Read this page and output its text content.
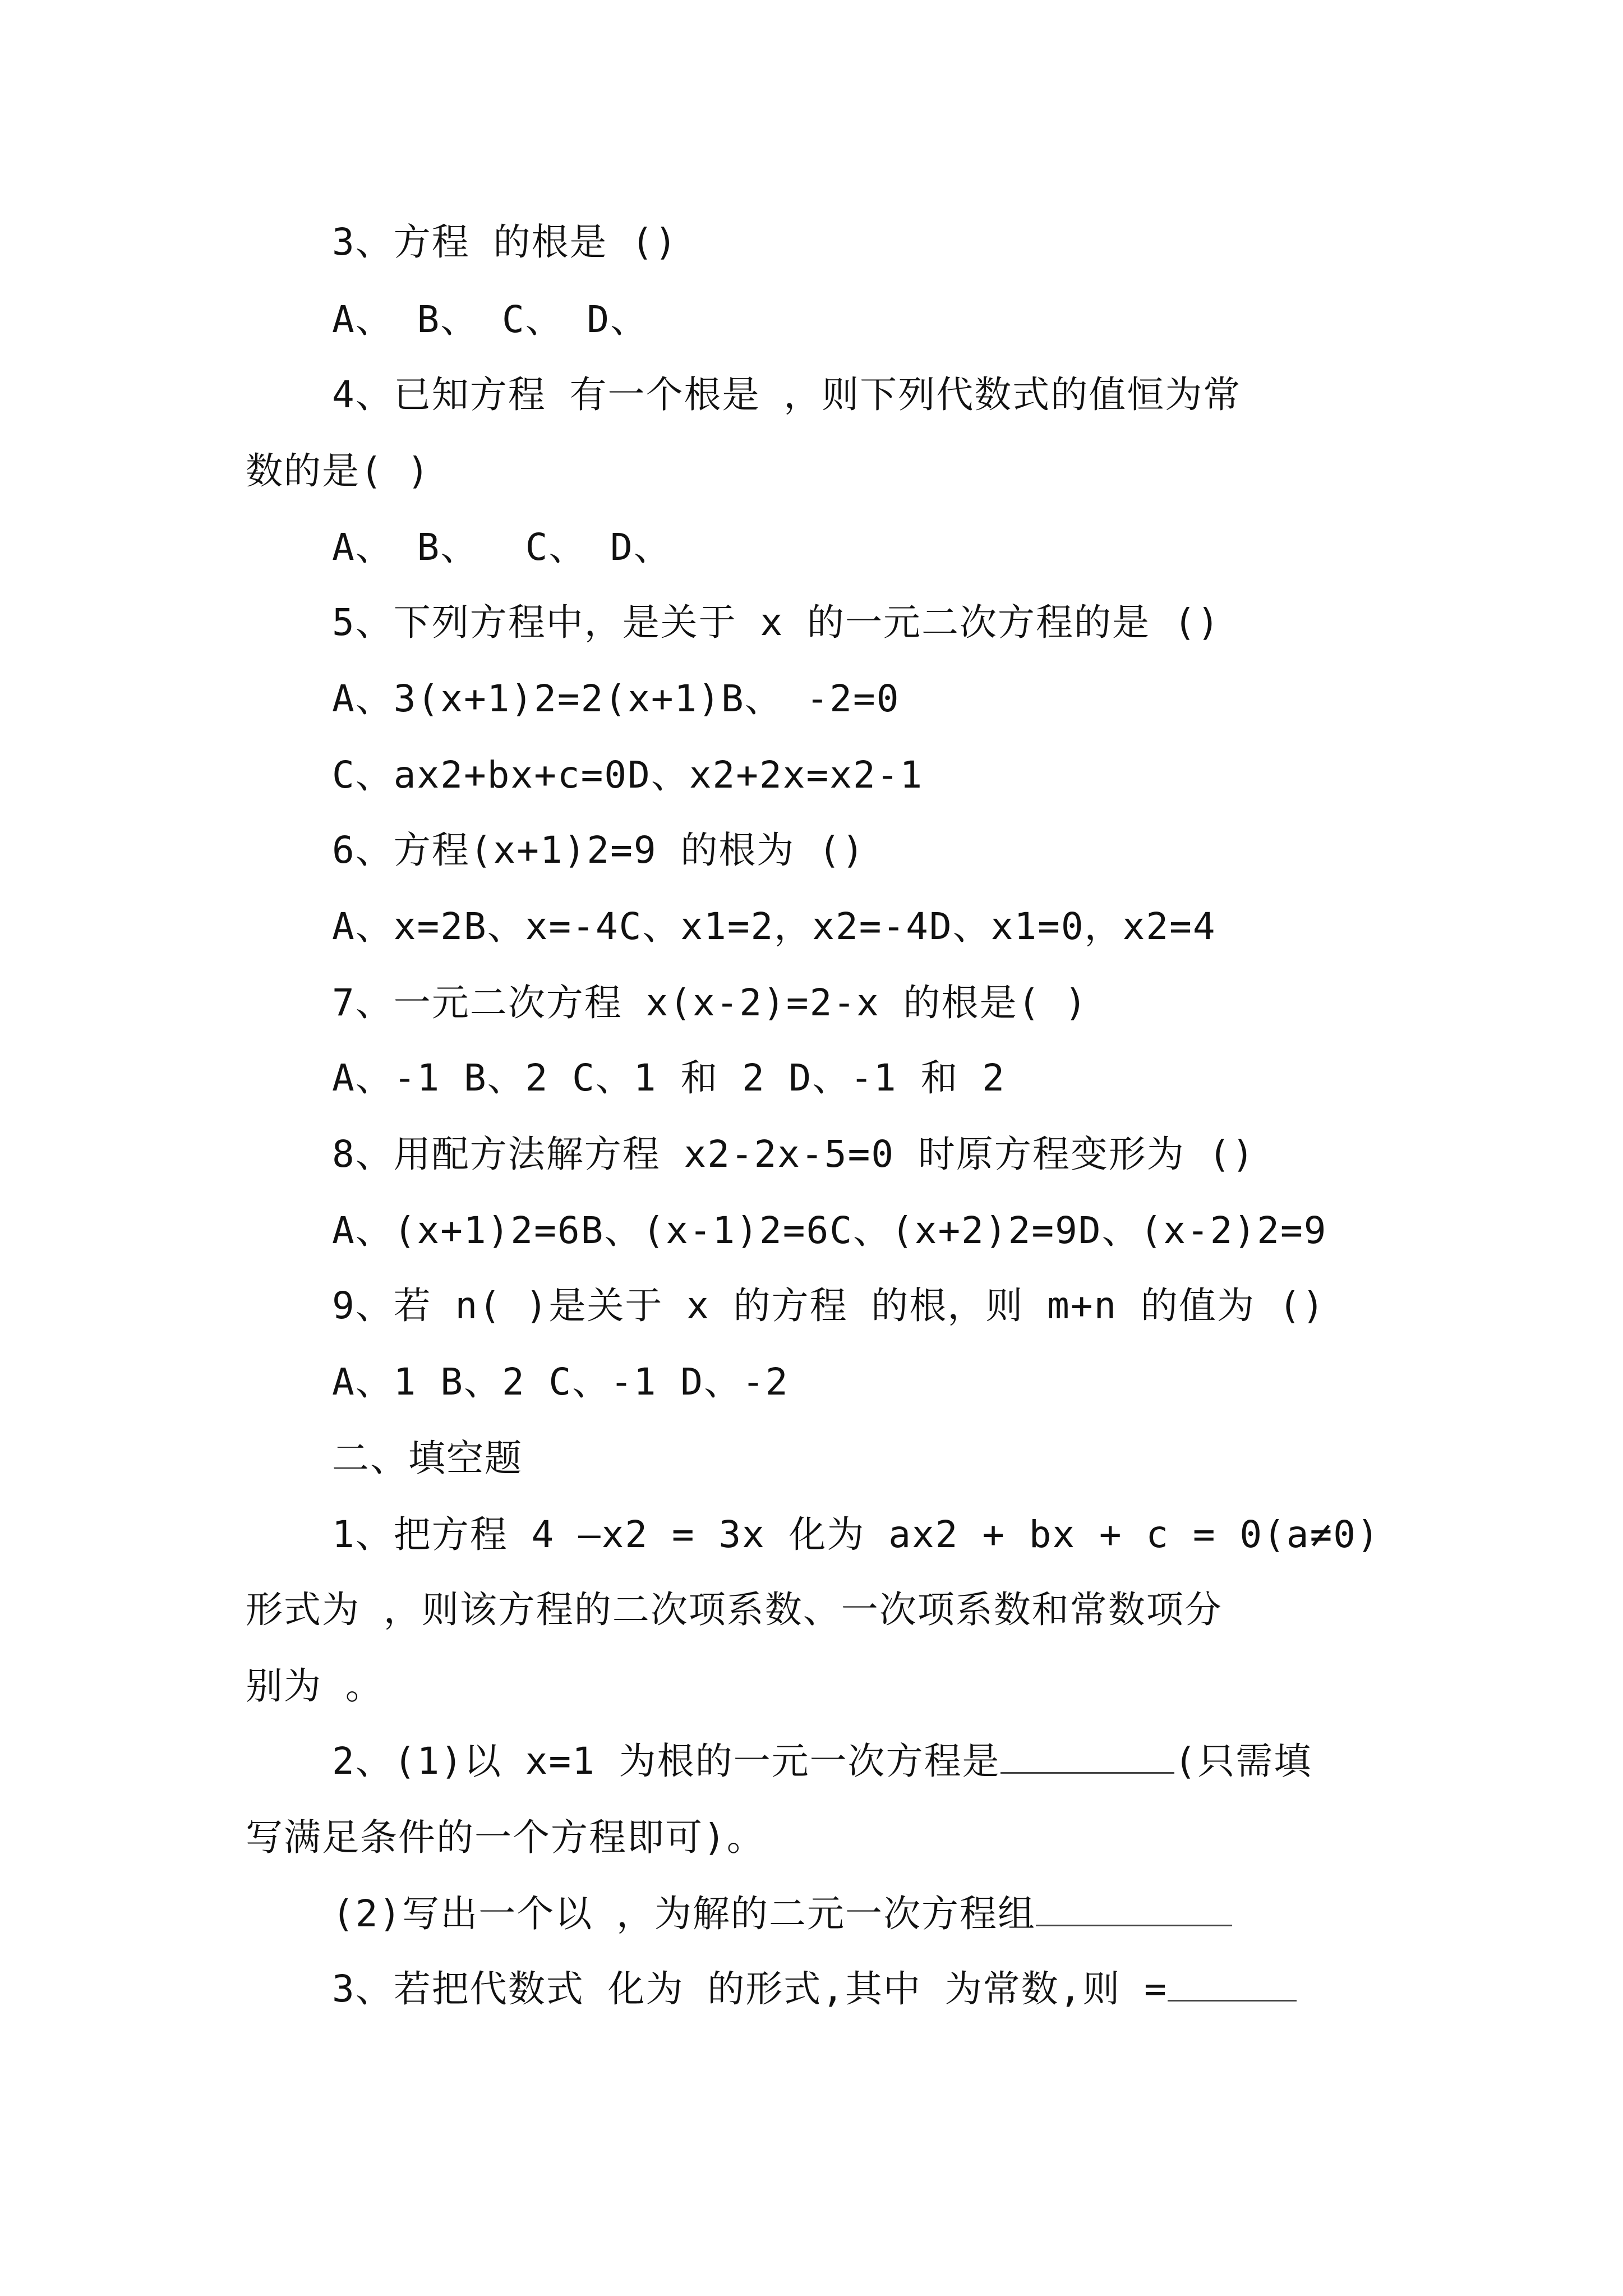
3、方程 的根是 ()
A、 B、 C、 D、
4、已知方程 有一个根是 ，则下列代数式的值恒为常
数的是( )
A、 B、  C、 D、
5、下列方程中，是关于 x 的一元二次方程的是 ()
A、3(x+1)2=2(x+1)B、 -2=0
C、ax2+bx+c=0D、x2+2x=x2-1
6、方程(x+1)2=9 的根为 ()
A、x=2B、x=-4C、x1=2，x2=-4D、x1=0，x2=4
7、一元二次方程 x(x-2)=2-x 的根是( )
A、-1 B、2 C、1 和 2 D、-1 和 2
8、用配方法解方程 x2-2x-5=0 时原方程变形为 ()
A、(x+1)2=6B、(x-1)2=6C、(x+2)2=9D、(x-2)2=9
9、若 n( )是关于 x 的方程 的根，则 m+n 的值为 ()
A、1 B、2 C、-1 D、-2
二、填空题
1、把方程 4 —x2 = 3x 化为 ax2 + bx + c = 0(a≠0)
形式为 ，则该方程的二次项系数、一次项系数和常数项分
别为 。
2、(1)以 x=1 为根的一元一次方程是	(只需填
写满足条件的一个方程即可)。
(2)写出一个以 ，为解的二元一次方程组
3、若把代数式 化为 的形式,其中 为常数,则 =
